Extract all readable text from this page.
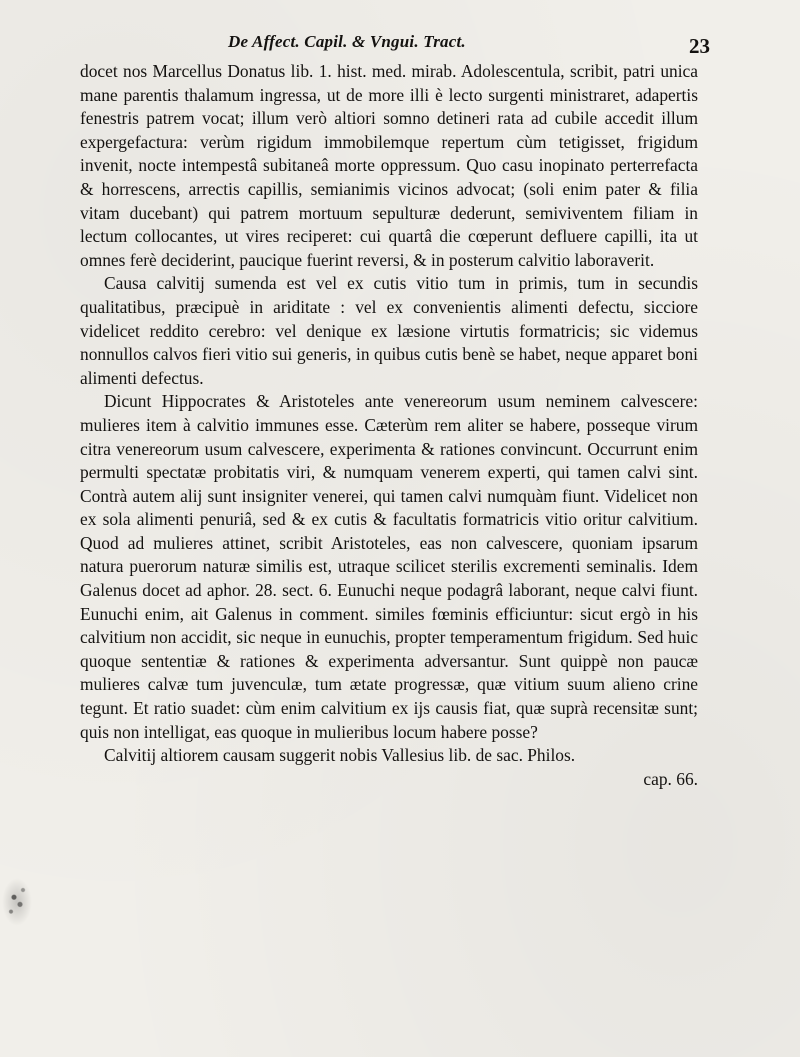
De Affect. Capil. & Vngui. Tract.	23

docet nos Marcellus Donatus lib. 1. hist. med. mirab. Adolescentula, scribit, patri unica mane parentis thalamum ingressa, ut de more illi è lecto surgenti ministraret, adapertis fenestris patrem vocat; illum verò altiori somno detineri rata ad cubile accedit illum expergefactura: verùm rigidum immobilemque repertum cùm tetigisset, frigidum invenit, nocte intempestâ subitaneâ morte oppressum. Quo casu inopinato perterrefacta & horrescens, arrectis capillis, semianimis vicinos advocat; (soli enim pater & filia vitam ducebant) qui patrem mortuum sepulturæ dederunt, semiviventem filiam in lectum collocantes, ut vires reciperet: cui quartâ die cœperunt defluere capilli, ita ut omnes ferè deciderint, paucique fuerint reversi, & in posterum calvitio laboraverit.

Causa calvitij sumenda est vel ex cutis vitio tum in primis, tum in secundis qualitatibus, præcipuè in ariditate : vel ex convenientis alimenti defectu, sicciore videlicet reddito cerebro: vel denique ex læsione virtutis formatricis; sic videmus nonnullos calvos fieri vitio sui generis, in quibus cutis benè se habet, neque apparet boni alimenti defectus.

Dicunt Hippocrates & Aristoteles ante venereorum usum neminem calvescere: mulieres item à calvitio immunes esse. Cæterùm rem aliter se habere, posseque virum citra venereorum usum calvescere, experimenta & rationes convincunt. Occurrunt enim permulti spectatæ probitatis viri, & numquam venerem experti, qui tamen calvi sint. Contrà autem alij sunt insigniter venerei, qui tamen calvi numquàm fiunt. Videlicet non ex sola alimenti penuriâ, sed & ex cutis & facultatis formatricis vitio oritur calvitium. Quod ad mulieres attinet, scribit Aristoteles, eas non calvescere, quoniam ipsarum natura puerorum naturæ similis est, utraque scilicet sterilis excrementi seminalis. Idem Galenus docet ad aphor. 28. sect. 6. Eunuchi neque podagrâ laborant, neque calvi fiunt. Eunuchi enim, ait Galenus in comment. similes fœminis efficiuntur: sicut ergò in his calvitium non accidit, sic neque in eunuchis, propter temperamentum frigidum. Sed huic quoque sententiæ & rationes & experimenta adversantur. Sunt quippè non paucæ mulieres calvæ tum juvenculæ, tum ætate progressæ, quæ vitium suum alieno crine tegunt. Et ratio suadet: cùm enim calvitium ex ijs causis fiat, quæ suprà recensitæ sunt; quis non intelligat, eas quoque in mulieribus locum habere posse?

Calvitij altiorem causam suggerit nobis Vallesius lib. de sac. Philos.

cap. 66.
